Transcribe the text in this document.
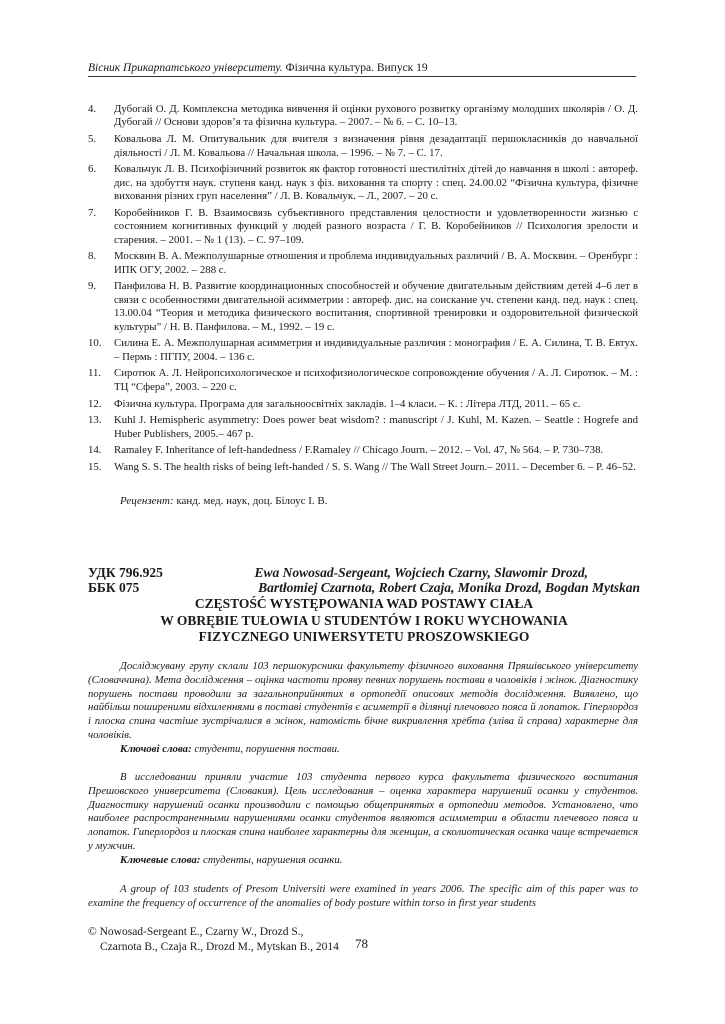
Вісник Прикарпатського університету. Фізична культура. Випуск 19
4.	Дубогай О. Д. Комплексна методика вивчення й оцінки рухового розвитку організму молодших школярів / О. Д. Дубогай // Основи здоров’я та фізична культура. – 2007. – № 6. – С. 10–13.
5.	Ковальова Л. М. Опитувальник для вчителя з визначення рівня дезадаптації першокласників до навчальної діяльності / Л. М. Ковальова // Начальная школа. – 1996. – № 7. – С. 17.
6.	Ковальчук Л. В. Психофізичний розвиток як фактор готовності шестилітніх дітей до навчання в школі : автореф. дис. на здобуття наук. ступеня канд. наук з фіз. виховання та спорту : спец. 24.00.02 “Фізична культура, фізичне виховання різних груп населення” / Л. В. Ковальчук. – Л., 2007. – 20 с.
7.	Коробейников Г. В. Взаимосвязь субъективного представления целостности и удовлетворенности жизнью с состоянием когнитивных функций у людей разного возраста / Г. В. Коробейников // Психология зрелости и старения. – 2001. – № 1 (13). – С. 97–109.
8.	Москвин В. А. Межполушарные отношения и проблема индивидуальных различий / В. А. Москвин. – Оренбург : ИПК ОГУ, 2002. – 288 с.
9.	Панфилова Н. В. Развитие координационных способностей и обучение двигательным действиям детей 4–6 лет в связи с особенностями двигательной асимметрии : автореф. дис. на соискание уч. степени канд. пед. наук : спец. 13.00.04 “Теория и методика физического воспитания, спортивной тренировки и оздоровительной физической культуры” / Н. В. Панфилова. – М., 1992. – 19 с.
10.	Силина Е. А. Межполушарная асимметрия и индивидуальные различия : монография / Е. А. Силина, Т. В. Евтух. – Пермь : ПГПУ, 2004. – 136 с.
11.	Сиротюк А. Л. Нейропсихологическое и психофизиологическое сопровождение обучения / А. Л. Сиротюк. – М. : ТЦ “Сфера”, 2003. – 220 с.
12.	Фізична культура. Програма для загальноосвітніх закладів. 1–4 класи. – К. : Літера ЛТД, 2011. – 65 с.
13.	Kuhl J. Hemispheric asymmetry: Does power beat wisdom? : manuscript / J. Kuhl, M. Kazen. – Seattle : Hogrefe and Huber Publishers, 2005.– 467 p.
14.	Ramaley F. Inheritance of left-handedness / F.Ramaley // Chicago Journ. – 2012. – Vol. 47, № 564. – P. 730–738.
15.	Wang S. S. The health risks of being left-handed / S. S. Wang // The Wall Street Journ.– 2011. – December 6. – P. 46–52.
Рецензент: канд. мед. наук, доц. Білоус І. В.
УДК 796.925	Ewa Nowosad-Sergeant, Wojciech Czarny, Slawomir Drozd,
ББК 075	Bartłomiej Czarnota, Robert Czaja, Monika Drozd, Bogdan Mytskan
CZĘSTOŚĆ WYSTĘPOWANIA WAD POSTAWY CIAŁA
W OBRĘBIE TUŁOWIA U STUDENTÓW I ROKU WYCHOWANIA
FIZYCZNEGO UNIWERSYTETU PROSZOWSKIEGO
Досліджувану групу склали 103 першокурсники факультету фізичного виховання Пряшівського університету (Словаччина). Мета дослідження – оцінка частоти прояву певних порушень постави в чоловіків і жінок. Діагностику порушень постави проводили за загальноприйнятих в ортопедії описових методів дослідження. Виявлено, що найбільш поширеними відхиленнями в поставі студентів є асиметрії в ділянці плечового пояса й лопаток. Гіперлордоз і плоска спина частіше зустрічалися в жінок, натомість бічне викривлення хребта (зліва й справа) характерне для чоловіків.
Ключові слова: студенти, порушення постави.
В исследовании приняли участие 103 студента первого курса факультета физического воспитания Прешовского университета (Словакия). Цель исследования – оценка характера нарушений осанки у студентов. Диагностику нарушений осанки производили с помощью общепринятых в ортопедии методов. Установлено, что наиболее распространенными нарушениями осанки студентов являются асимметрии в области плечевого пояса и лопаток. Гиперлордоз и плоская спина наиболее характерны для женщин, а сколиотическая осанка чаще встречается у мужчин.
Ключевые слова: студенты, нарушения осанки.
A group of 103 students of Presom Universiti were examined in years 2006. The specific aim of this paper was to examine the frequency of occurrence of the anomalies of body posture within torso in first year students
© Nowosad-Sergeant E., Czarny W., Drozd S.,
Czarnota B., Czaja R., Drozd M., Mytskan B., 2014 78
